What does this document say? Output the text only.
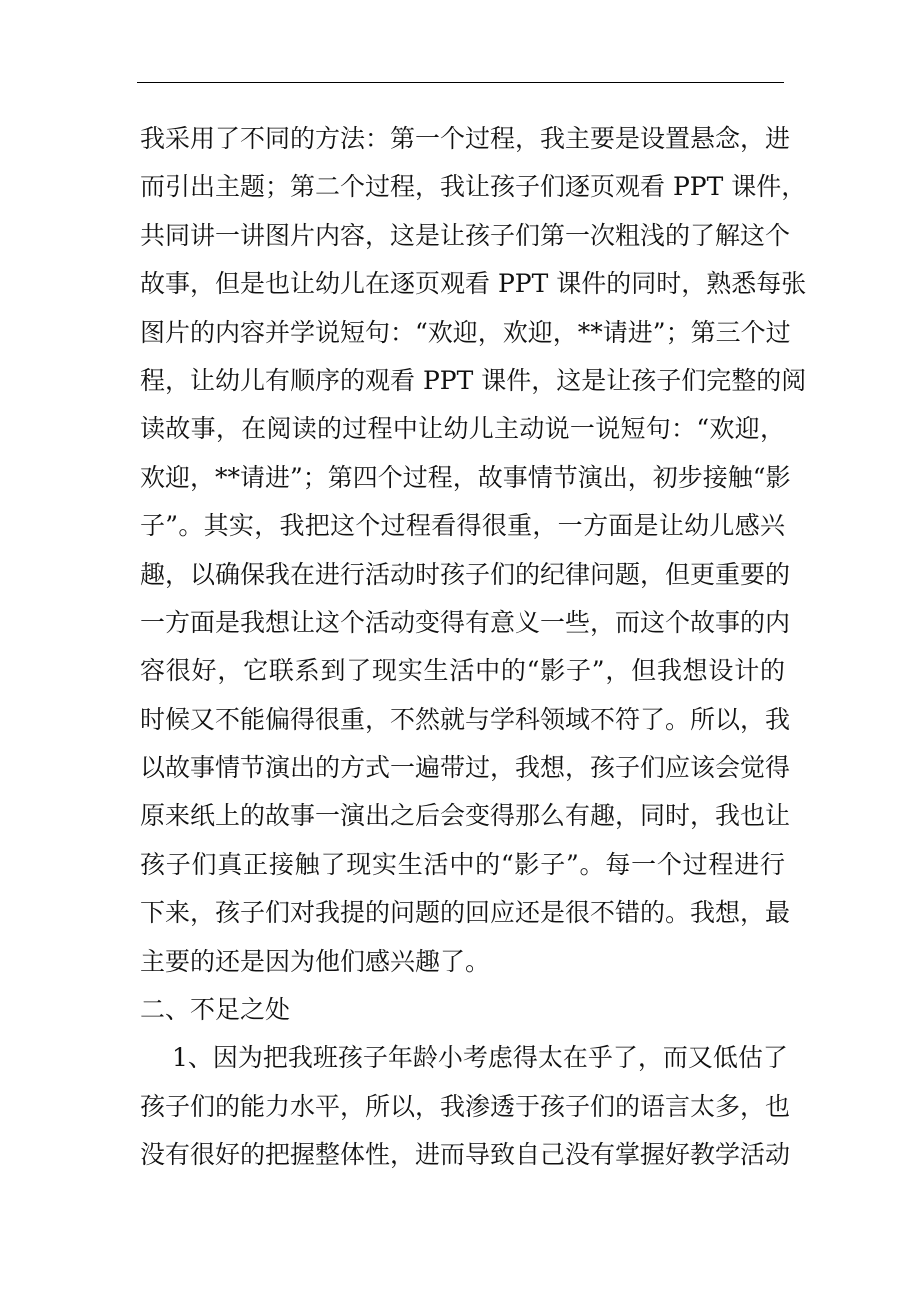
我采用了不同的方法：第一个过程，我主要是设置悬念，进
而引出主题；第二个过程，我让孩子们逐页观看 PPT 课件，
共同讲一讲图片内容，这是让孩子们第一次粗浅的了解这个
故事，但是也让幼儿在逐页观看 PPT 课件的同时，熟悉每张
图片的内容并学说短句：“欢迎，欢迎，**请进”；第三个过
程，让幼儿有顺序的观看 PPT 课件，这是让孩子们完整的阅
读故事，在阅读的过程中让幼儿主动说一说短句：“欢迎，
欢迎，**请进”；第四个过程，故事情节演出，初步接触“影
子”。其实，我把这个过程看得很重，一方面是让幼儿感兴
趣，以确保我在进行活动时孩子们的纪律问题，但更重要的
一方面是我想让这个活动变得有意义一些，而这个故事的内
容很好，它联系到了现实生活中的“影子”，但我想设计的
时候又不能偏得很重，不然就与学科领域不符了。所以，我
以故事情节演出的方式一遍带过，我想，孩子们应该会觉得
原来纸上的故事一演出之后会变得那么有趣，同时，我也让
孩子们真正接触了现实生活中的“影子”。每一个过程进行
下来，孩子们对我提的问题的回应还是很不错的。我想，最
主要的还是因为他们感兴趣了。
二、不足之处
1、因为把我班孩子年龄小考虑得太在乎了，而又低估了
孩子们的能力水平，所以，我渗透于孩子们的语言太多，也
没有很好的把握整体性，进而导致自己没有掌握好教学活动
